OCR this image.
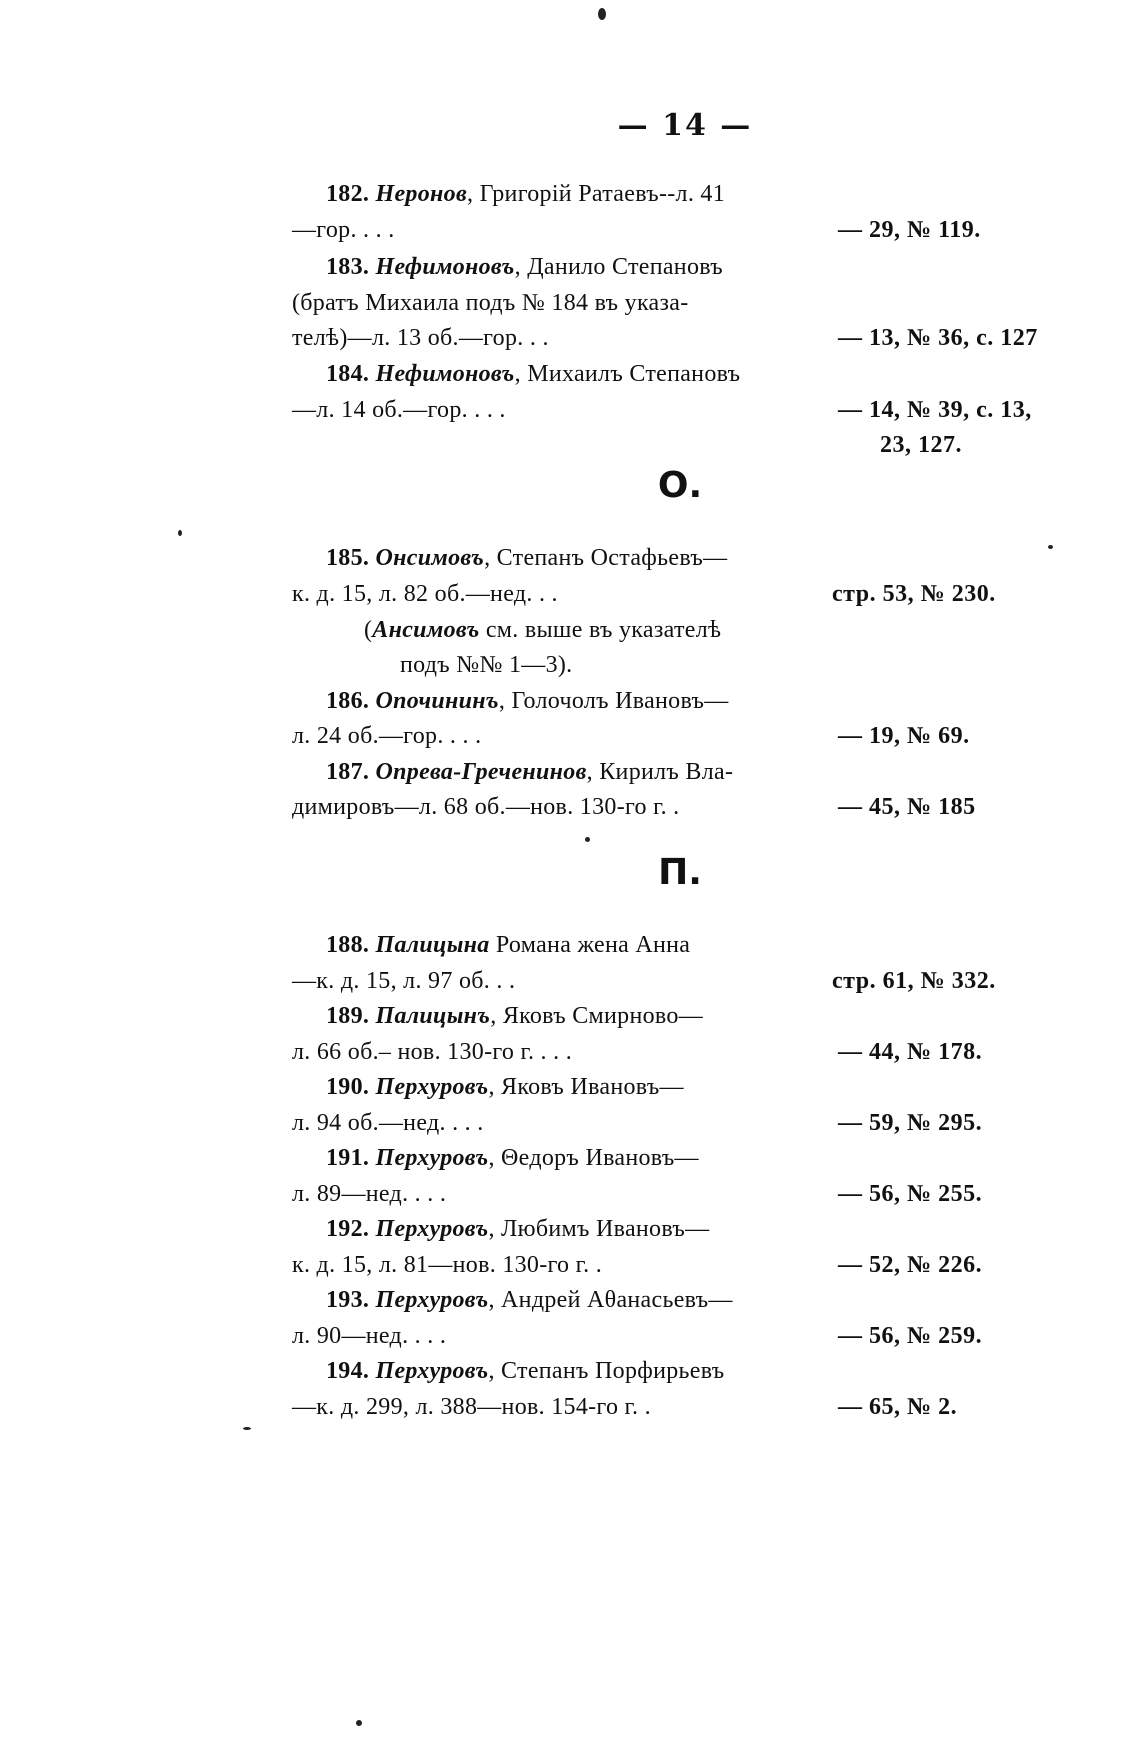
— 14 —
182. Неронов, Григорiй Ратаевъ--л. 41
—гор. . . .	— 29, № 119.
183. Нефимоновъ, Данило Степановъ
(братъ Михаила подъ № 184 въ указа-
телѣ)—л. 13 об.—гор. . .	— 13, № 36, с. 127
184. Нефимоновъ, Михаилъ Степановъ
—л. 14 об.—гор. . . .	— 14, № 39, с. 13,
23, 127.
О.
185. Онсимовъ, Степанъ Остафьевъ—
к. д. 15, л. 82 об.—нед. . .	стр. 53, № 230.
(Ансимовъ см. выше въ указателѣ
подъ №№ 1—3).
186. Опочининъ, Голочолъ Ивановъ—
л. 24 об.—гор. . . .	— 19, № 69.
187. Опрева-Греченинов, Кирилъ Вла-
димировъ—л. 68 об.—нов. 130-го г. .	— 45, № 185
П.
188. Палицына Романа жена Анна
—к. д. 15, л. 97 об. . .	стр. 61, № 332.
189. Палицынъ, Яковъ Смирново—
л. 66 об.– нов. 130-го г. . . .	— 44, № 178.
190. Перхуровъ, Яковъ Ивановъ—
л. 94 об.—нед. . . .	— 59, № 295.
191. Перхуровъ, Θедоръ Ивановъ—
л. 89—нед. . . .	— 56, № 255.
192. Перхуровъ, Любимъ Ивановъ—
к. д. 15, л. 81—нов. 130-го г. .	— 52, № 226.
193. Перхуровъ, Андрей Аθанасьевъ—
л. 90—нед. . . .	— 56, № 259.
194. Перхуровъ, Степанъ Порфирьевъ
—к. д. 299, л. 388—нов. 154-го г. .	— 65, № 2.
